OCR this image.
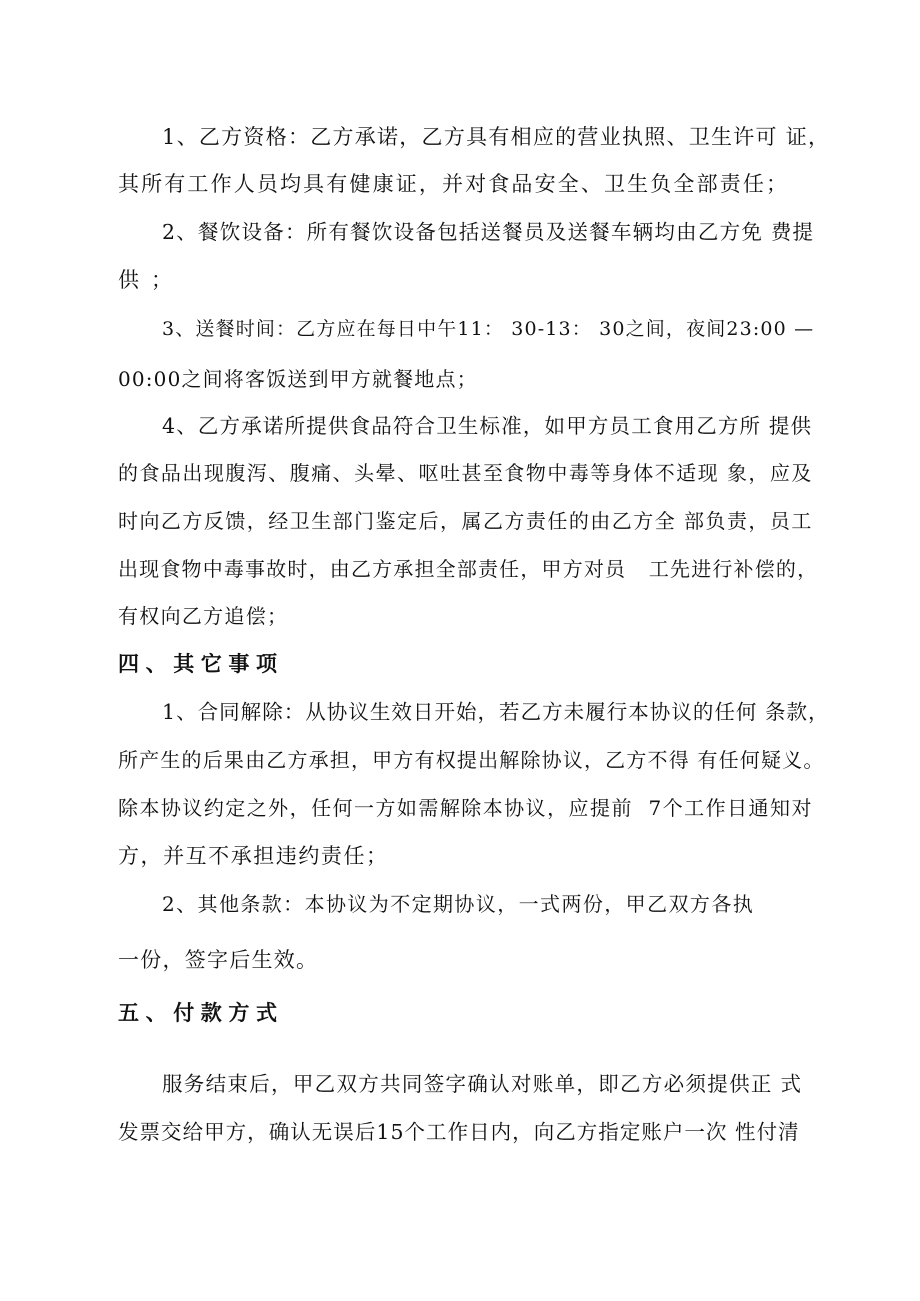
1、乙方资格：乙方承诺，乙方具有相应的营业执照、卫生许可 证，
其所有工作人员均具有健康证，并对食品安全、卫生负全部责任；
2、餐饮设备：所有餐饮设备包括送餐员及送餐车辆均由乙方免 费提
供；
3、送餐时间：乙方应在每日中午11： 30-13： 30之间，夜间23:00 —
00:00之间将客饭送到甲方就餐地点；
4、乙方承诺所提供食品符合卫生标准，如甲方员工食用乙方所 提供
的食品出现腹泻、腹痛、头晕、呕吐甚至食物中毒等身体不适现 象，应及
时向乙方反馈，经卫生部门鉴定后，属乙方责任的由乙方全 部负责，员工
出现食物中毒事故时，由乙方承担全部责任，甲方对员   工先进行补偿的，
有权向乙方追偿；
四、其它事项
1、合同解除：从协议生效日开始，若乙方未履行本协议的任何 条款，
所产生的后果由乙方承担，甲方有权提出解除协议，乙方不得 有任何疑义。
除本协议约定之外，任何一方如需解除本协议，应提前  7个工作日通知对
方，并互不承担违约责任；
2、其他条款：本协议为不定期协议，一式两份，甲乙双方各执
一份，签字后生效。
五、付款方式
服务结束后，甲乙双方共同签字确认对账单，即乙方必须提供正 式
发票交给甲方，确认无误后15个工作日内，向乙方指定账户一次 性付清
